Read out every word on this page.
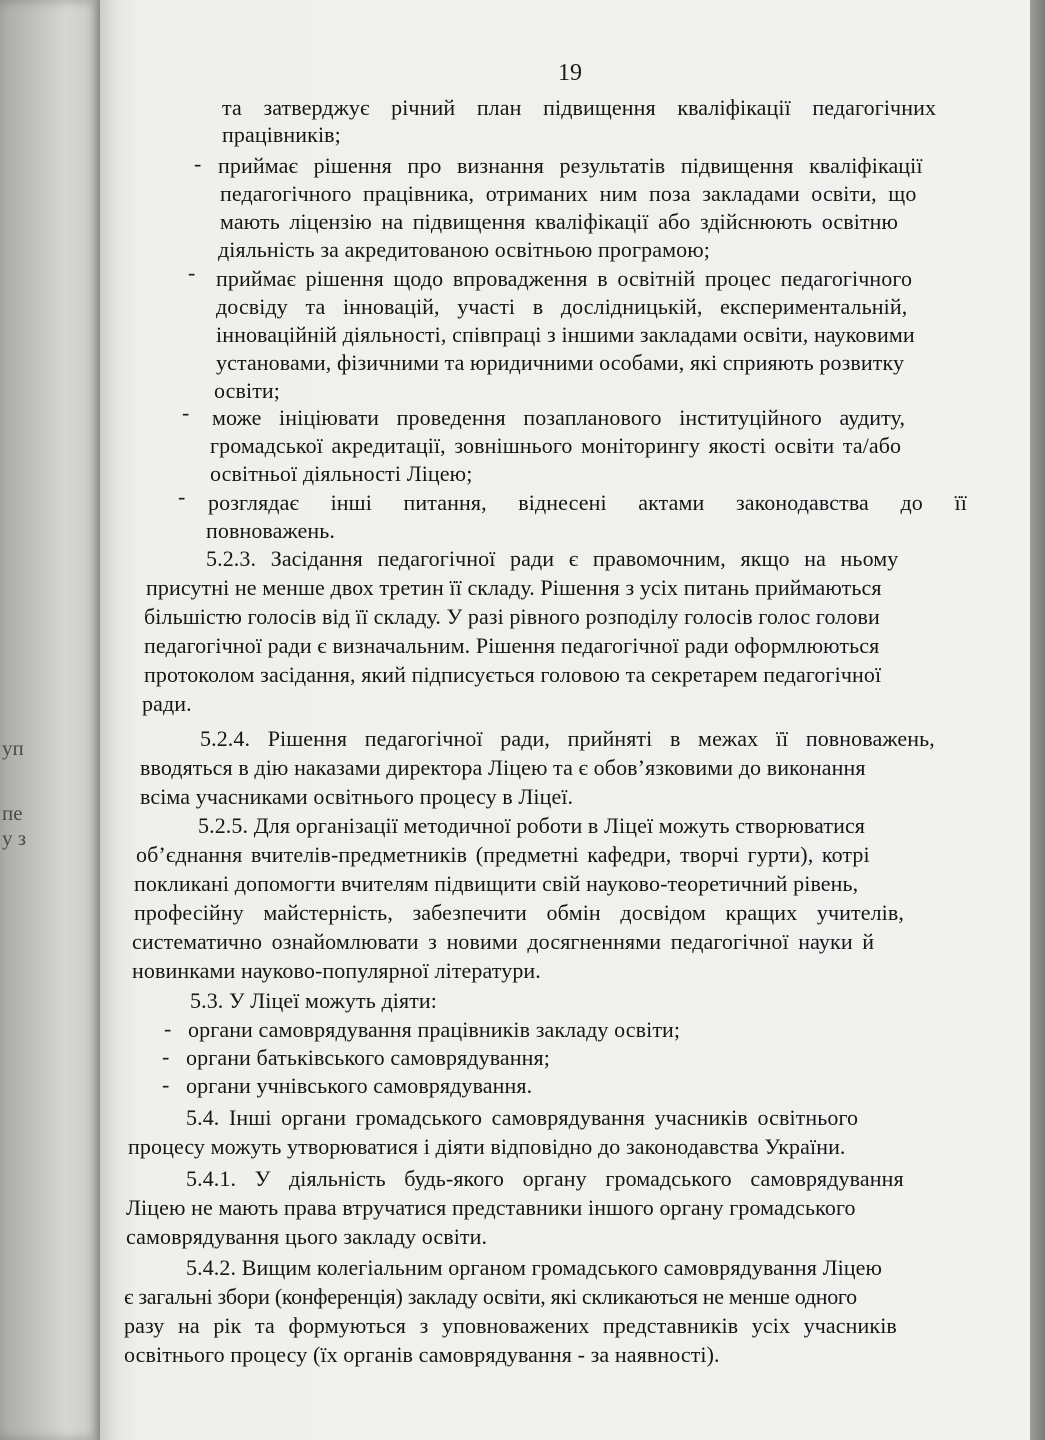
уп
пе
у з
19
та затверджує річний план підвищення кваліфікації педагогічних
працівників;
- приймає рішення про визнання результатів підвищення кваліфікації
педагогічного працівника, отриманих ним поза закладами освіти, що
мають ліцензію на підвищення кваліфікації або здійснюють освітню
діяльність за акредитованою освітньою програмою;
- приймає рішення щодо впровадження в освітній процес педагогічного
досвіду та інновацій, участі в дослідницькій, експериментальній,
інноваційній діяльності, співпраці з іншими закладами освіти, науковими
установами, фізичними та юридичними особами, які сприяють розвитку
освіти;
- може ініціювати проведення позапланового інституційного аудиту,
громадської акредитації, зовнішнього моніторингу якості освіти та/або
освітньої діяльності Ліцею;
- розглядає інші питання, віднесені актами законодавства до її
повноважень.
5.2.3. Засідання педагогічної ради є правомочним, якщо на ньому
присутні не менше двох третин її складу. Рішення з усіх питань приймаються
більшістю голосів від її складу. У разі рівного розподілу голосів голос голови
педагогічної ради є визначальним. Рішення педагогічної ради оформлюються
протоколом засідання, який підписується головою та секретарем педагогічної
ради.
5.2.4. Рішення педагогічної ради, прийняті в межах її повноважень,
вводяться в дію наказами директора Ліцею та є обов’язковими до виконання
всіма учасниками освітнього процесу в Ліцеї.
5.2.5. Для організації методичної роботи в Ліцеї можуть створюватися
об’єднання вчителів-предметників (предметні кафедри, творчі гурти), котрі
покликані допомогти вчителям підвищити свій науково-теоретичний рівень,
професійну майстерність, забезпечити обмін досвідом кращих учителів,
систематично ознайомлювати з новими досягненнями педагогічної науки й
новинками науково-популярної літератури.
5.3. У Ліцеї можуть діяти:
- органи самоврядування працівників закладу освіти;
- органи батьківського самоврядування;
- органи учнівського самоврядування.
5.4. Інші органи громадського самоврядування учасників освітнього
процесу можуть утворюватися і діяти відповідно до законодавства України.
5.4.1. У діяльність будь-якого органу громадського самоврядування
Ліцею не мають права втручатися представники іншого органу громадського
самоврядування цього закладу освіти.
5.4.2. Вищим колегіальним органом громадського самоврядування Ліцею
є загальні збори (конференція) закладу освіти, які скликаються не менше одного
разу на рік та формуються з уповноважених представників усіх учасників
освітнього процесу (їх органів самоврядування - за наявності).
